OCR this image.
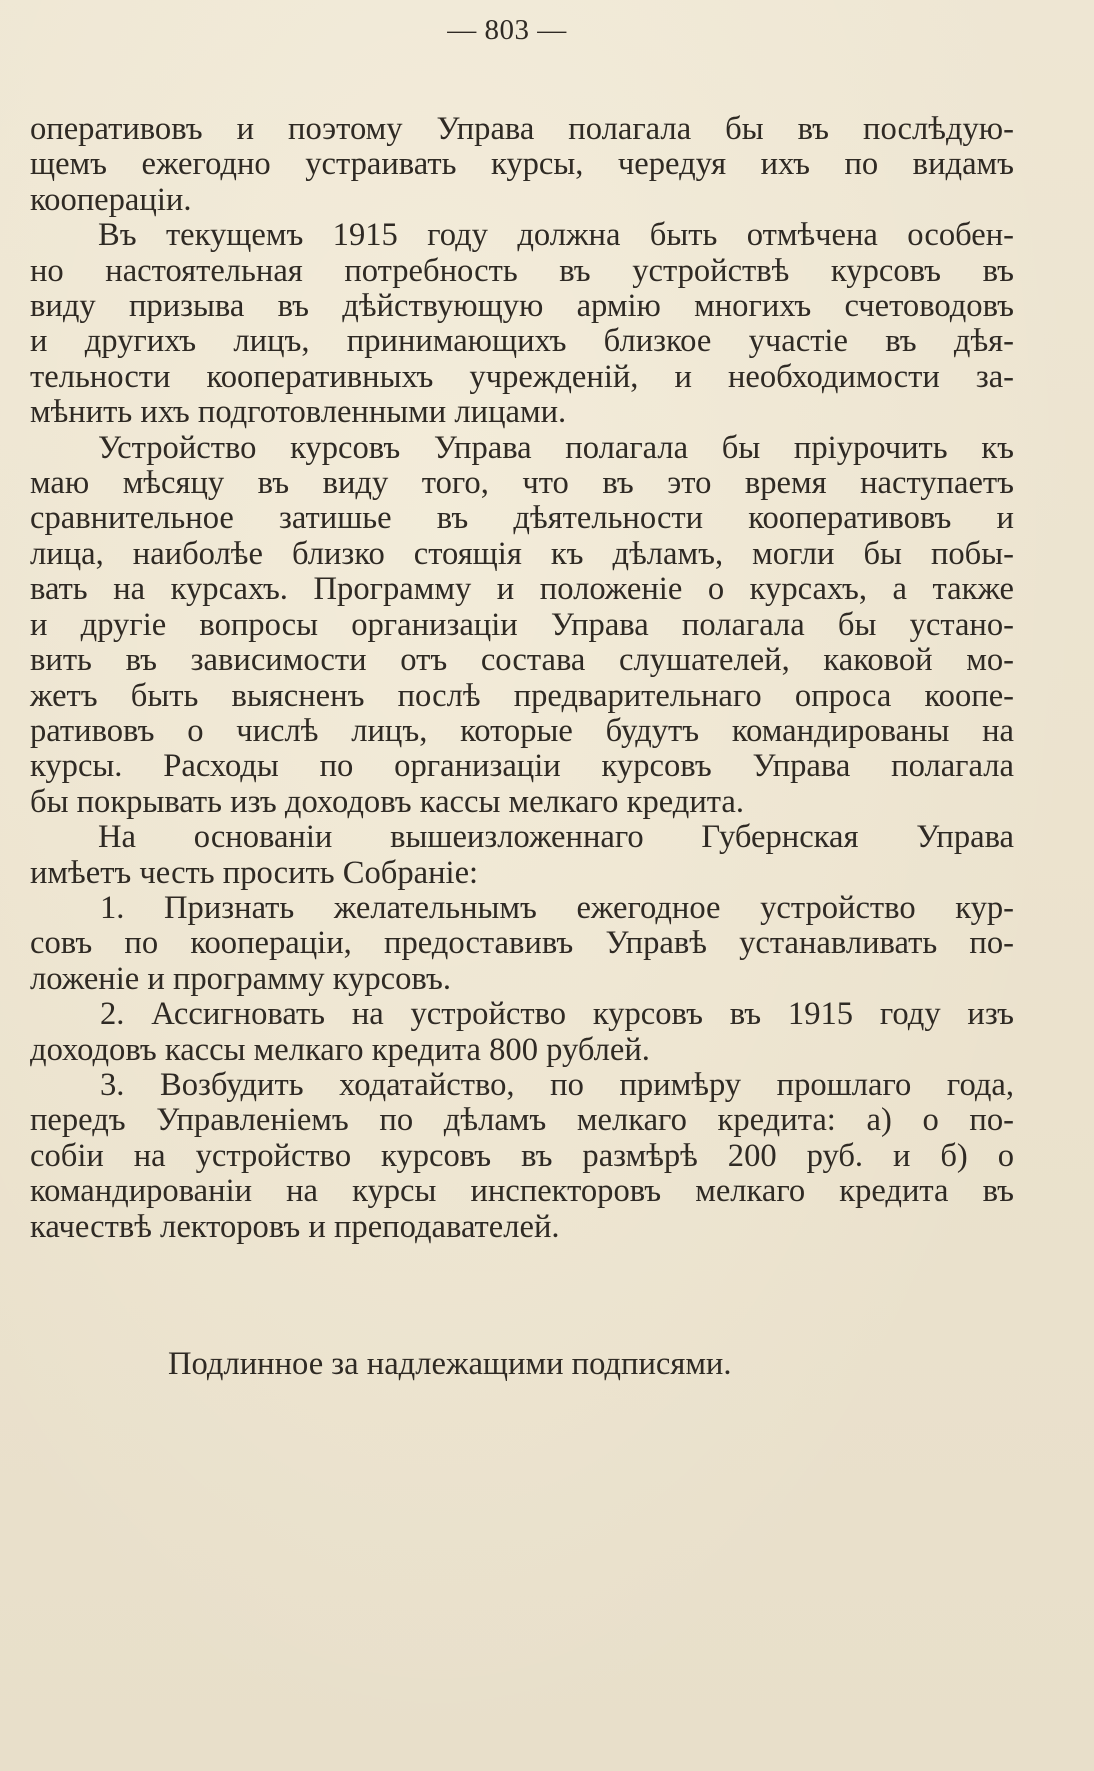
— 803 —

оперативовъ и поэтому Управа полагала бы въ послѣдую-
щемъ ежегодно устраивать курсы, чередуя ихъ по видамъ
коопераціи.

Въ текущемъ 1915 году должна быть отмѣчена особен-
но настоятельная потребность въ устройствѣ курсовъ въ
виду призыва въ дѣйствующую армію многихъ счетоводовъ
и другихъ лицъ, принимающихъ близкое участіе въ дѣя-
тельности кооперативныхъ учрежденій, и необходимости за-
мѣнить ихъ подготовленными лицами.

Устройство курсовъ Управа полагала бы пріурочить къ
маю мѣсяцу въ виду того, что въ это время наступаетъ
сравнительное затишье въ дѣятельности кооперативовъ и
лица, наиболѣе близко стоящія къ дѣламъ, могли бы побы-
вать на курсахъ. Программу и положеніе о курсахъ, а также
и другіе вопросы организаціи Управа полагала бы устано-
вить въ зависимости отъ состава слушателей, каковой мо-
жетъ быть выясненъ послѣ предварительнаго опроса коопе-
ративовъ о числѣ лицъ, которые будутъ командированы на
курсы. Расходы по организаціи курсовъ Управа полагала
бы покрывать изъ доходовъ кассы мелкаго кредита.

На основаніи вышеизложеннаго Губернская Управа
имѣетъ честь просить Собраніе:

1. Признать желательнымъ ежегодное устройство кур-
совъ по коопераціи, предоставивъ Управѣ устанавливать по-
ложеніе и программу курсовъ.

2. Ассигновать на устройство курсовъ въ 1915 году изъ
доходовъ кассы мелкаго кредита 800 рублей.

3. Возбудить ходатайство, по примѣру прошлаго года,
передъ Управленіемъ по дѣламъ мелкаго кредита: а) о по-
собіи на устройство курсовъ въ размѣрѣ 200 руб. и б) о
командированіи на курсы инспекторовъ мелкаго кредита въ
качествѣ лекторовъ и преподавателей.

Подлинное за надлежащими подписями.
